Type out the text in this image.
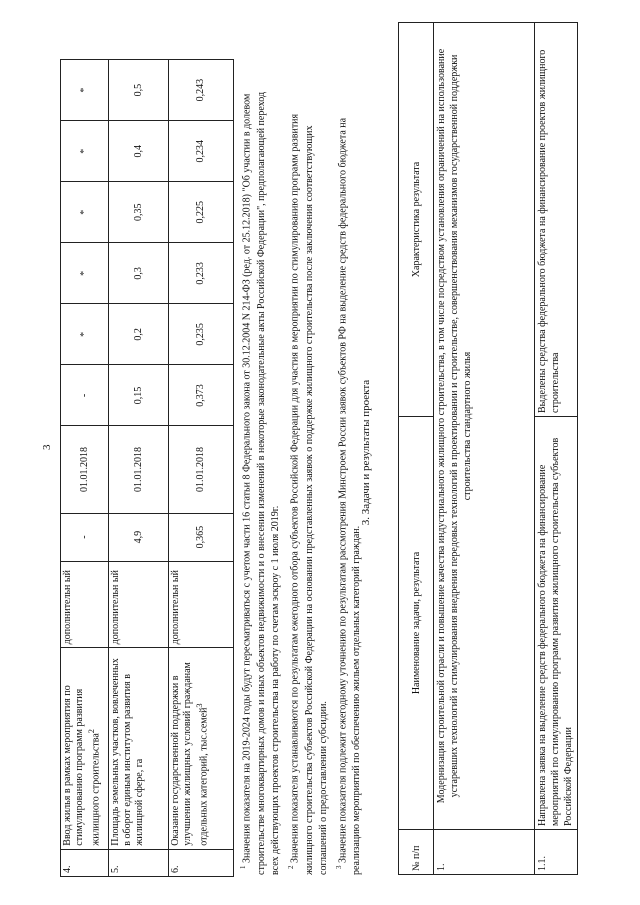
3
4.	Ввод жилья в рамках мероприятия по стимулированию программ развития жилищного строительства$^2$	дополнительн ый	-	01.01.2018	-	*	*	*	*	*
5.	Площадь земельных участков, вовлеченных в оборот единым институтом развития в жилищной сфере, га	дополнительн ый	4,9	01.01.2018	0,15	0,2	0,3	0,35	0,4	0,5
6.	Оказание государственной поддержки в улучшении жилищных условий гражданам отдельных категорий, тыс.семей$^3$	дополнительн ый	0,365	01.01.2018	0,373	0,235	0,233	0,225	0,234	0,243

$^1$ Значения показателя на 2019-2024 годы будут пересматриваться с учетом части 16 статьи 8 Федерального закона от 30.12.2004 N 214-ФЗ (ред. от 25.12.2018) "Об участии в долевом строительстве многоквартирных домов и иных объектов недвижимости и о внесении изменений в некоторые законодательные акты Российской Федерации", предполагающей переход всех действующих проектов строительства на работу по счетам эскроу с 1 июля 2019г. $^2$ Значения показателя устанавливаются по результатам ежегодного отбора субъектов Российской Федерации для участия в мероприятии по стимулированию программ развития жилищного строительства субъектов Российской Федерации на основании представленных заявок о поддержке жилищного строительства после заключения соответствующих соглашений о предоставлении субсидии. $^3$ Значение показателя подлежит ежегодному уточнению по результатам рассмотрения Минстроем России заявок субъектов РФ на выделение средств федерального бюджета на реализацию мероприятий по обеспечению жильем отдельных категорий граждан.

3. Задачи и результаты проекта
№ п/п	Наименование задачи, результата	Характеристика результата
1.	Модернизация строительной отрасли и повышение качества индустриального жилищного строительства, в том числе посредством установления ограничений на использование устаревших технологий и стимулирования внедрения передовых технологий в проектировании и строительстве, совершенствования механизмов государственной поддержки строительства стандартного жилья	
1.1.	Направлена заявка на выделение средств федерального бюджета на финансирование мероприятий по стимулированию программ развития жилищного строительства субъектов Российской Федерации	Выделены средства федерального бюджета на финансирование проектов жилищного строительства
